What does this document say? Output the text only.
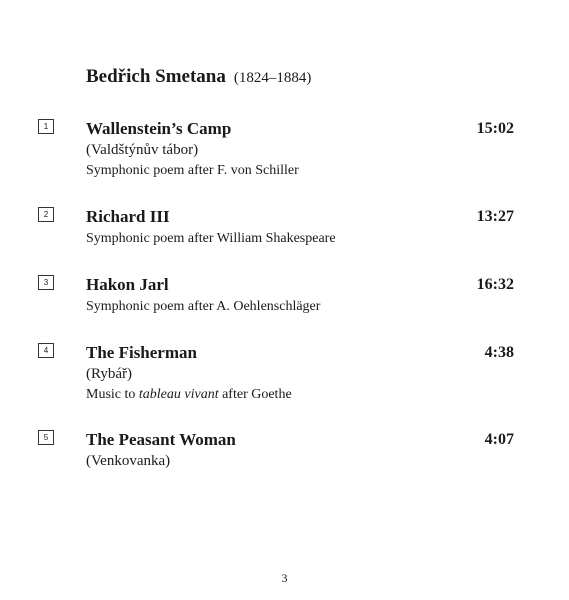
Bedřich Smetana (1824–1884)
1	Wallenstein’s Camp
(Valdštýnův tábor)
Symphonic poem after F. von Schiller
15:02
2	Richard III
Symphonic poem after William Shakespeare
13:27
3	Hakon Jarl
Symphonic poem after A. Oehlenschläger
16:32
4	The Fisherman
(Rybář)
Music to tableau vivant after Goethe
4:38
5	The Peasant Woman
(Venkovanka)
4:07
3
